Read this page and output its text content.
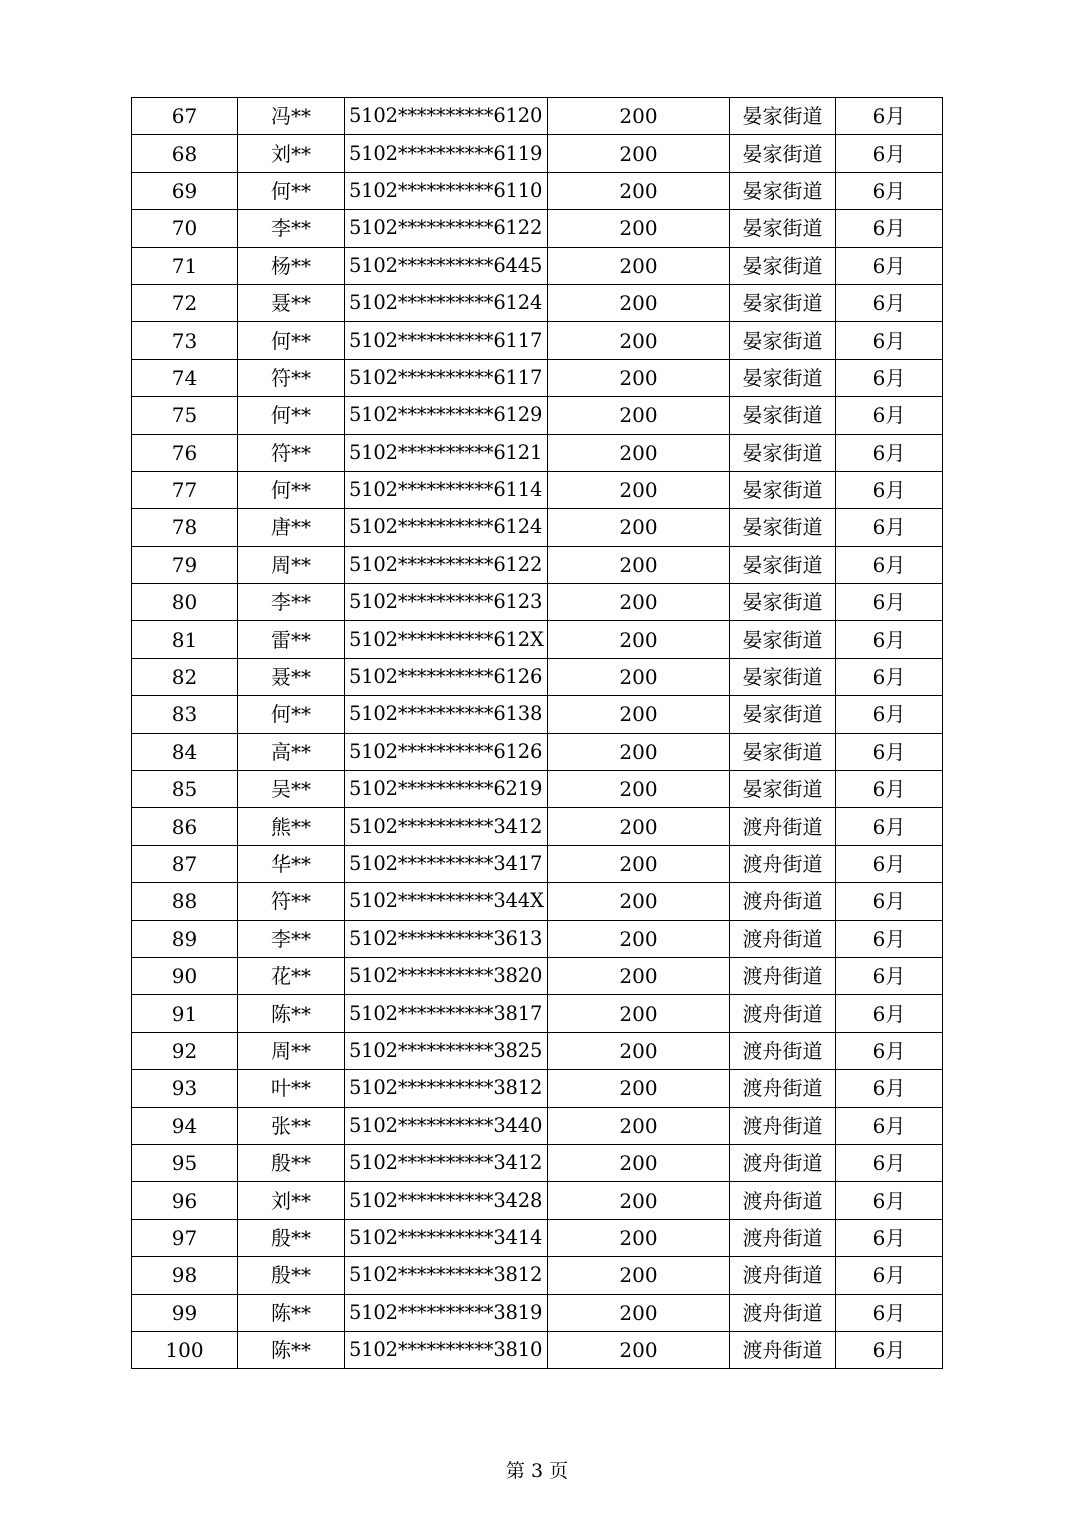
67	冯**	5102**********6120	200	晏家街道	6月
68	刘**	5102**********6119	200	晏家街道	6月
69	何**	5102**********6110	200	晏家街道	6月
70	李**	5102**********6122	200	晏家街道	6月
71	杨**	5102**********6445	200	晏家街道	6月
72	聂**	5102**********6124	200	晏家街道	6月
73	何**	5102**********6117	200	晏家街道	6月
74	符**	5102**********6117	200	晏家街道	6月
75	何**	5102**********6129	200	晏家街道	6月
76	符**	5102**********6121	200	晏家街道	6月
77	何**	5102**********6114	200	晏家街道	6月
78	唐**	5102**********6124	200	晏家街道	6月
79	周**	5102**********6122	200	晏家街道	6月
80	李**	5102**********6123	200	晏家街道	6月
81	雷**	5102**********612X	200	晏家街道	6月
82	聂**	5102**********6126	200	晏家街道	6月
83	何**	5102**********6138	200	晏家街道	6月
84	高**	5102**********6126	200	晏家街道	6月
85	吴**	5102**********6219	200	晏家街道	6月
86	熊**	5102**********3412	200	渡舟街道	6月
87	华**	5102**********3417	200	渡舟街道	6月
88	符**	5102**********344X	200	渡舟街道	6月
89	李**	5102**********3613	200	渡舟街道	6月
90	花**	5102**********3820	200	渡舟街道	6月
91	陈**	5102**********3817	200	渡舟街道	6月
92	周**	5102**********3825	200	渡舟街道	6月
93	叶**	5102**********3812	200	渡舟街道	6月
94	张**	5102**********3440	200	渡舟街道	6月
95	殷**	5102**********3412	200	渡舟街道	6月
96	刘**	5102**********3428	200	渡舟街道	6月
97	殷**	5102**********3414	200	渡舟街道	6月
98	殷**	5102**********3812	200	渡舟街道	6月
99	陈**	5102**********3819	200	渡舟街道	6月
100	陈**	5102**********3810	200	渡舟街道	6月
第 3 页
